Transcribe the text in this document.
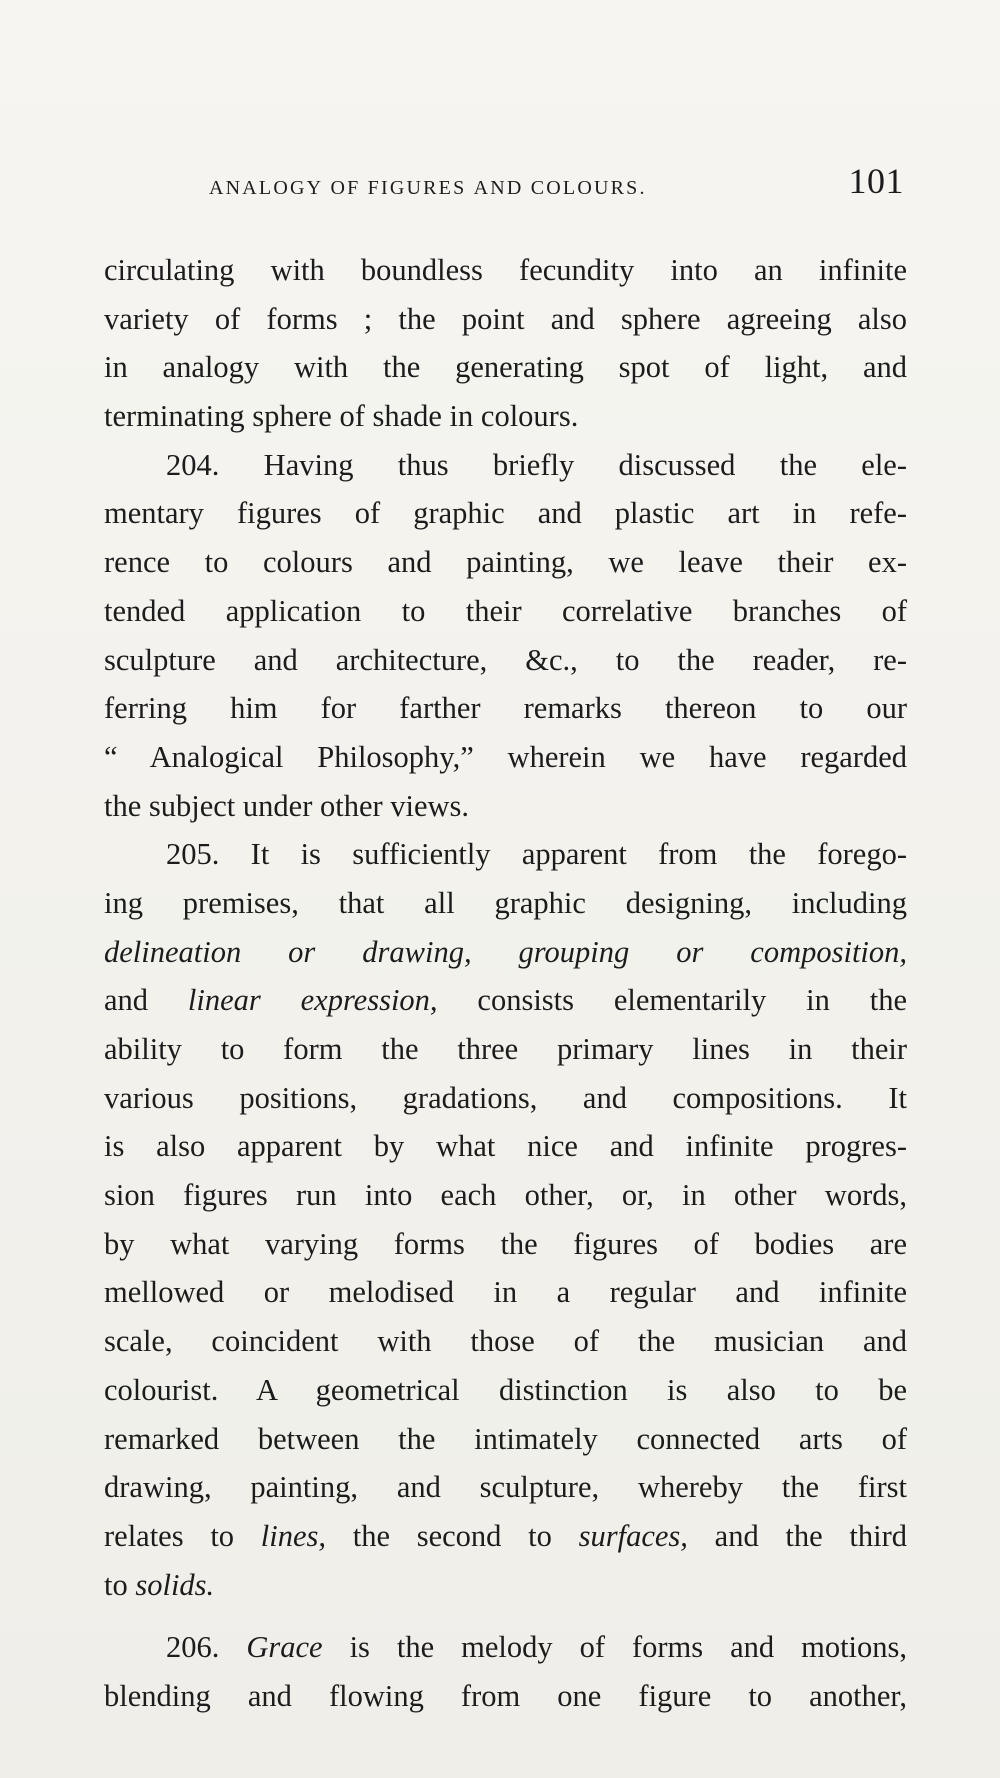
analogy of figures and colours.	101
circulating with boundless fecundity into an infinite
variety of forms ; the point and sphere agreeing also
in analogy with the generating spot of light, and
terminating sphere of shade in colours.
204. Having thus briefly discussed the ele-
mentary figures of graphic and plastic art in refe-
rence to colours and painting, we leave their ex-
tended application to their correlative branches of
sculpture and architecture, &c., to the reader, re-
ferring him for farther remarks thereon to our
“ Analogical Philosophy,” wherein we have regarded
the subject under other views.
205. It is sufficiently apparent from the forego-
ing premises, that all graphic designing, including
delineation or drawing, grouping or composition,
and linear expression, consists elementarily in the
ability to form the three primary lines in their
various positions, gradations, and compositions. It
is also apparent by what nice and infinite progres-
sion figures run into each other, or, in other words,
by what varying forms the figures of bodies are
mellowed or melodised in a regular and infinite
scale, coincident with those of the musician and
colourist. A geometrical distinction is also to be
remarked between the intimately connected arts of
drawing, painting, and sculpture, whereby the first
relates to lines, the second to surfaces, and the third
to solids.
206. Grace is the melody of forms and motions,
blending and flowing from one figure to another,
